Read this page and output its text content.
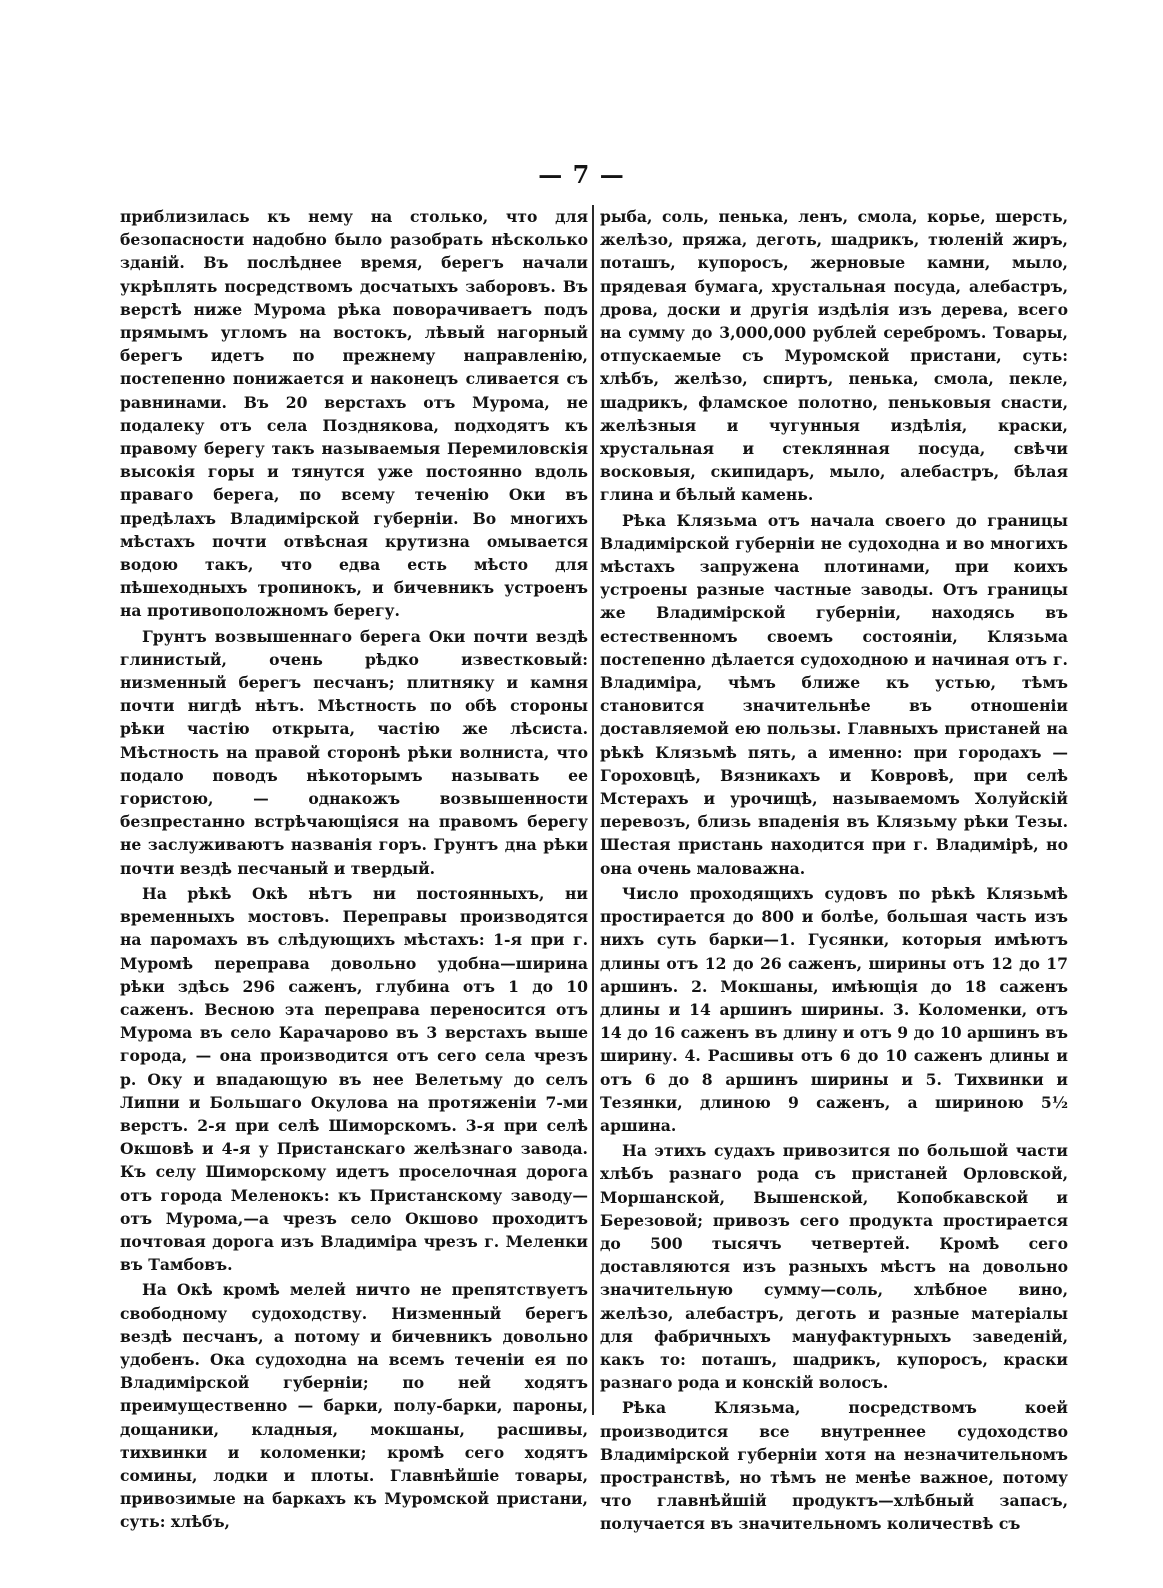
— 7 —

приблизилась къ нему на столько, что для безопасности надобно было разобрать нѣсколько зданій. Въ послѣднее время, берегъ начали укрѣплять посредствомъ досчатыхъ заборовъ. Въ верстѣ ниже Мурома рѣка поворачиваетъ подъ прямымъ угломъ на востокъ, лѣвый нагорный берегъ идетъ по прежнему направленію, постепенно понижается и наконецъ сливается съ равнинами. Въ 20 верстахъ отъ Мурома, не подалеку отъ села Позднякова, подходятъ къ правому берегу такъ называемыя Перемиловскія высокія горы и тянутся уже постоянно вдоль праваго берега, по всему теченію Оки въ предѣлахъ Владимірской губерніи. Во многихъ мѣстахъ почти отвѣсная крутизна омывается водою такъ, что едва есть мѣсто для пѣшеходныхъ тропинокъ, и бичевникъ устроенъ на противоположномъ берегу.

Грунтъ возвышеннаго берега Оки почти вездѣ глинистый, очень рѣдко известковый: низменный берегъ песчанъ; плитняку и камня почти нигдѣ нѣтъ. Мѣстность по обѣ стороны рѣки частію открыта, частію же лѣсиста. Мѣстность на правой сторонѣ рѣки волниста, что подало поводъ нѣкоторымъ называть ее гористою, — однакожъ возвышенности безпрестанно встрѣчающіяся на правомъ берегу не заслуживаютъ названія горъ. Грунтъ дна рѣки почти вездѣ песчаный и твердый.

На рѣкѣ Окѣ нѣтъ ни постоянныхъ, ни временныхъ мостовъ. Переправы производятся на паромахъ въ слѣдующихъ мѣстахъ: 1-я при г. Муромѣ переправа довольно удобна—ширина рѣки здѣсь 296 саженъ, глубина отъ 1 до 10 саженъ. Весною эта переправа переносится отъ Мурома въ село Карачарово въ 3 верстахъ выше города, — она производится отъ сего села чрезъ р. Оку и впадающую въ нее Велетьму до селъ Липни и Большаго Окулова на протяженіи 7-ми верстъ. 2-я при селѣ Шиморскомъ. 3-я при селѣ Окшовѣ и 4-я у Пристанскаго желѣзнаго завода. Къ селу Шиморскому идетъ проселочная дорога отъ города Меленокъ: къ Пристанскому заводу—отъ Мурома,—а чрезъ село Окшово проходитъ почтовая дорога изъ Владиміра чрезъ г. Меленки въ Тамбовъ.

На Окѣ кромѣ мелей ничто не препятствуетъ свободному судоходству. Низменный берегъ вездѣ песчанъ, а потому и бичевникъ довольно удобенъ. Ока судоходна на всемъ теченіи ея по Владимірской губерніи; по ней ходятъ преимущественно — барки, полу-барки, пароны, дощаники, кладныя, мокшаны, расшивы, тихвинки и коломенки; кромѣ сего ходятъ сомины, лодки и плоты. Главнѣйшіе товары, привозимые на баркахъ къ Муромской пристани, суть: хлѣбъ,

рыба, соль, пенька, ленъ, смола, корье, шерсть, желѣзо, пряжа, деготь, шадрикъ, тюленій жиръ, поташъ, купоросъ, жерновые камни, мыло, прядевая бумага, хрустальная посуда, алебастръ, дрова, доски и другія издѣлія изъ дерева, всего на сумму до 3,000,000 рублей серебромъ. Товары, отпускаемые съ Муромской пристани, суть: хлѣбъ, желѣзо, спиртъ, пенька, смола, пекле, шадрикъ, фламское полотно, пеньковыя снасти, желѣзныя и чугунныя издѣлія, краски, хрустальная и стеклянная посуда, свѣчи восковыя, скипидаръ, мыло, алебастръ, бѣлая глина и бѣлый камень.

Рѣка Клязьма отъ начала своего до границы Владимірской губерніи не судоходна и во многихъ мѣстахъ запружена плотинами, при коихъ устроены разные частные заводы. Отъ границы же Владимірской губерніи, находясь въ естественномъ своемъ состояніи, Клязьма постепенно дѣлается судоходною и начиная отъ г. Владиміра, чѣмъ ближе къ устью, тѣмъ становится значительнѣе въ отношеніи доставляемой ею пользы. Главныхъ пристаней на рѣкѣ Клязьмѣ пять, а именно: при городахъ — Гороховцѣ, Вязникахъ и Ковровѣ, при селѣ Мстерахъ и урочищѣ, называемомъ Холуйскій перевозъ, близь впаденія въ Клязьму рѣки Тезы. Шестая пристань находится при г. Владимірѣ, но она очень маловажна.

Число проходящихъ судовъ по рѣкѣ Клязьмѣ простирается до 800 и болѣе, большая часть изъ нихъ суть барки—1. Гусянки, которыя имѣютъ длины отъ 12 до 26 саженъ, ширины отъ 12 до 17 аршинъ. 2. Мокшаны, имѣющія до 18 саженъ длины и 14 аршинъ ширины. 3. Коломенки, отъ 14 до 16 саженъ въ длину и отъ 9 до 10 аршинъ въ ширину. 4. Расшивы отъ 6 до 10 саженъ длины и отъ 6 до 8 аршинъ ширины и 5. Тихвинки и Тезянки, длиною 9 саженъ, а шириною 5½ аршина.

На этихъ судахъ привозится по большой части хлѣбъ разнаго рода съ пристаней Орловской, Моршанской, Вышенской, Копобкавской и Березовой; привозъ сего продукта простирается до 500 тысячъ четвертей. Кромѣ сего доставляются изъ разныхъ мѣстъ на довольно значительную сумму—соль, хлѣбное вино, желѣзо, алебастръ, деготь и разные матеріалы для фабричныхъ мануфактурныхъ заведеній, какъ то: поташъ, шадрикъ, купоросъ, краски разнаго рода и конскій волосъ.

Рѣка Клязьма, посредствомъ коей производится все внутреннее судоходство Владимірской губерніи хотя на незначительномъ пространствѣ, но тѣмъ не менѣе важное, потому что главнѣйшій продуктъ—хлѣбный запасъ, получается въ значительномъ количествѣ съ
